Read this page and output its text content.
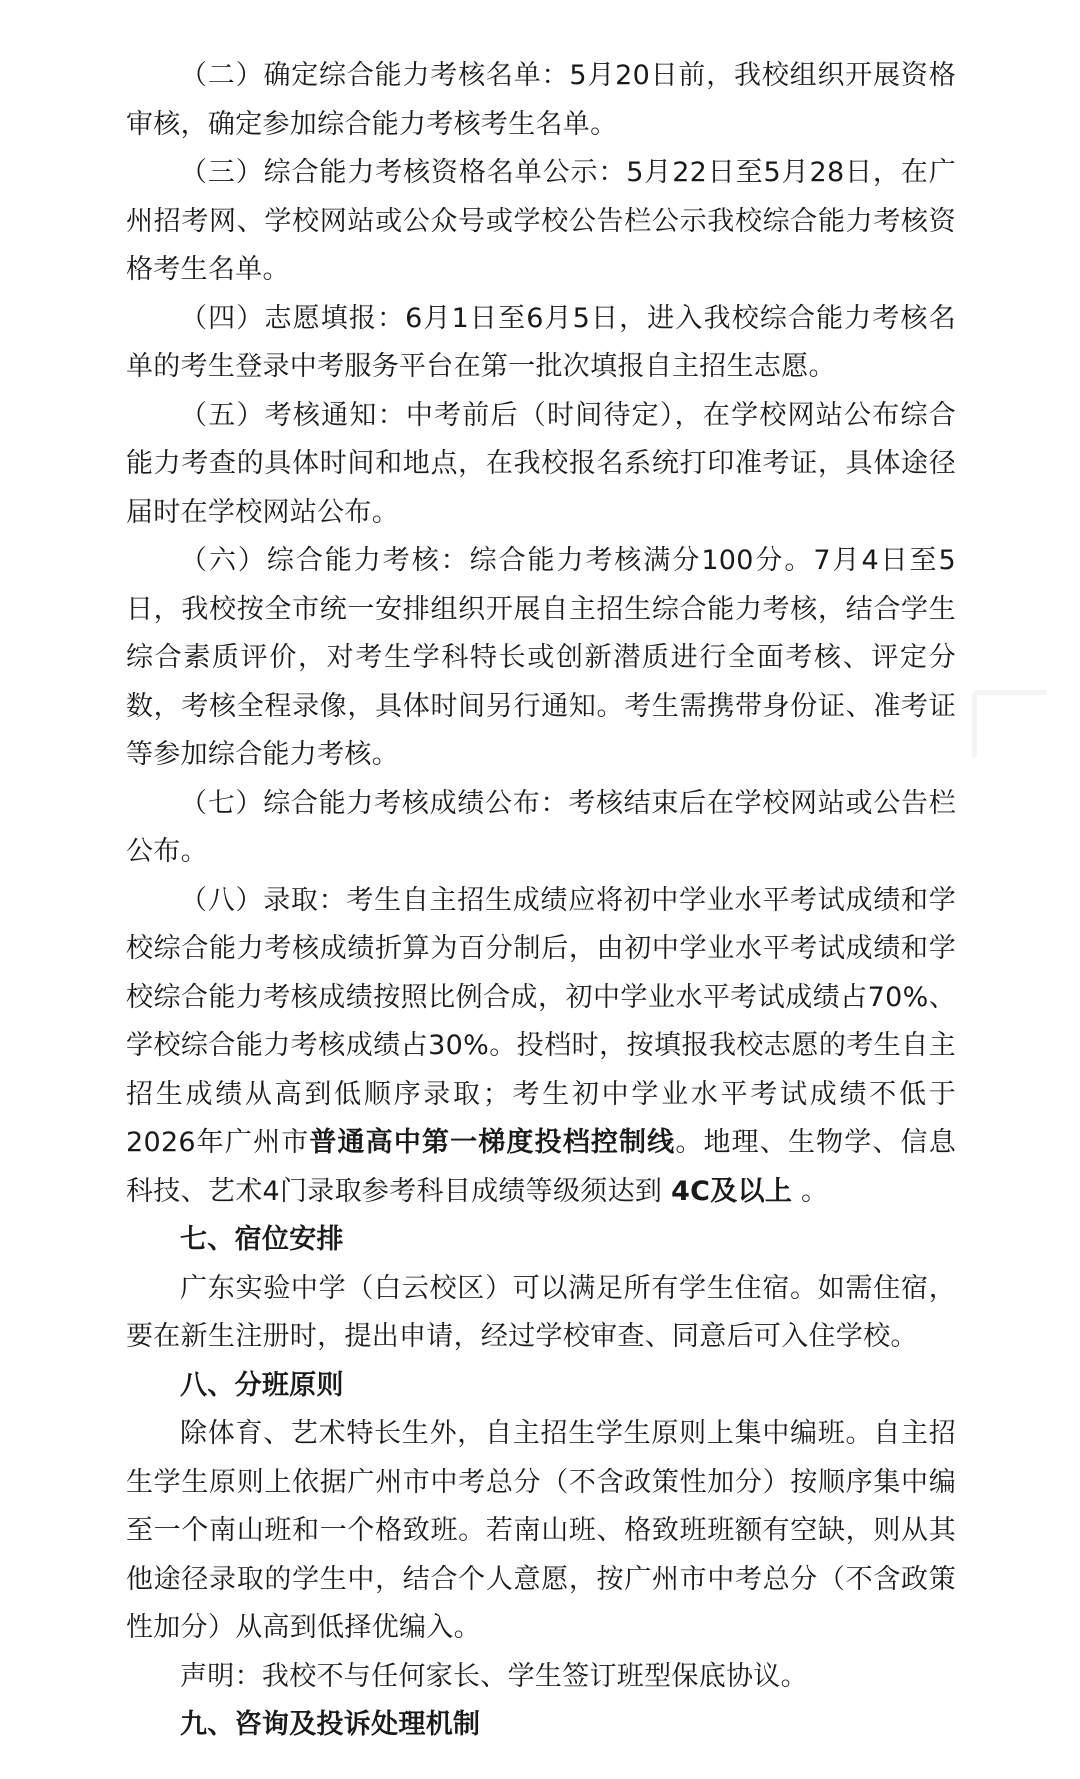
（二）确定综合能力考核名单：5月20日前，我校组织开展资格审核，确定参加综合能力考核考生名单。

（三）综合能力考核资格名单公示：5月22日至5月28日，在广州招考网、学校网站或公众号或学校公告栏公示我校综合能力考核资格考生名单。

（四）志愿填报：6月1日至6月5日，进入我校综合能力考核名单的考生登录中考服务平台在第一批次填报自主招生志愿。

（五）考核通知：中考前后（时间待定），在学校网站公布综合能力考查的具体时间和地点，在我校报名系统打印准考证，具体途径届时在学校网站公布。

（六）综合能力考核：综合能力考核满分100分。7月4日至5日，我校按全市统一安排组织开展自主招生综合能力考核，结合学生综合素质评价，对考生学科特长或创新潜质进行全面考核、评定分数，考核全程录像，具体时间另行通知。考生需携带身份证、准考证等参加综合能力考核。

（七）综合能力考核成绩公布：考核结束后在学校网站或公告栏公布。

（八）录取：考生自主招生成绩应将初中学业水平考试成绩和学校综合能力考核成绩折算为百分制后，由初中学业水平考试成绩和学校综合能力考核成绩按照比例合成，初中学业水平考试成绩占70%、学校综合能力考核成绩占30%。投档时，按填报我校志愿的考生自主招生成绩从高到低顺序录取；考生初中学业水平考试成绩不低于2026年广州市普通高中第一梯度投档控制线。地理、生物学、信息科技、艺术4门录取参考科目成绩等级须达到 4C及以上 。

七、宿位安排

广东实验中学（白云校区）可以满足所有学生住宿。如需住宿，要在新生注册时，提出申请，经过学校审查、同意后可入住学校。

八、分班原则

除体育、艺术特长生外，自主招生学生原则上集中编班。自主招生学生原则上依据广州市中考总分（不含政策性加分）按顺序集中编至一个南山班和一个格致班。若南山班、格致班班额有空缺，则从其他途径录取的学生中，结合个人意愿，按广州市中考总分（不含政策性加分）从高到低择优编入。

声明：我校不与任何家长、学生签订班型保底协议。

九、咨询及投诉处理机制
